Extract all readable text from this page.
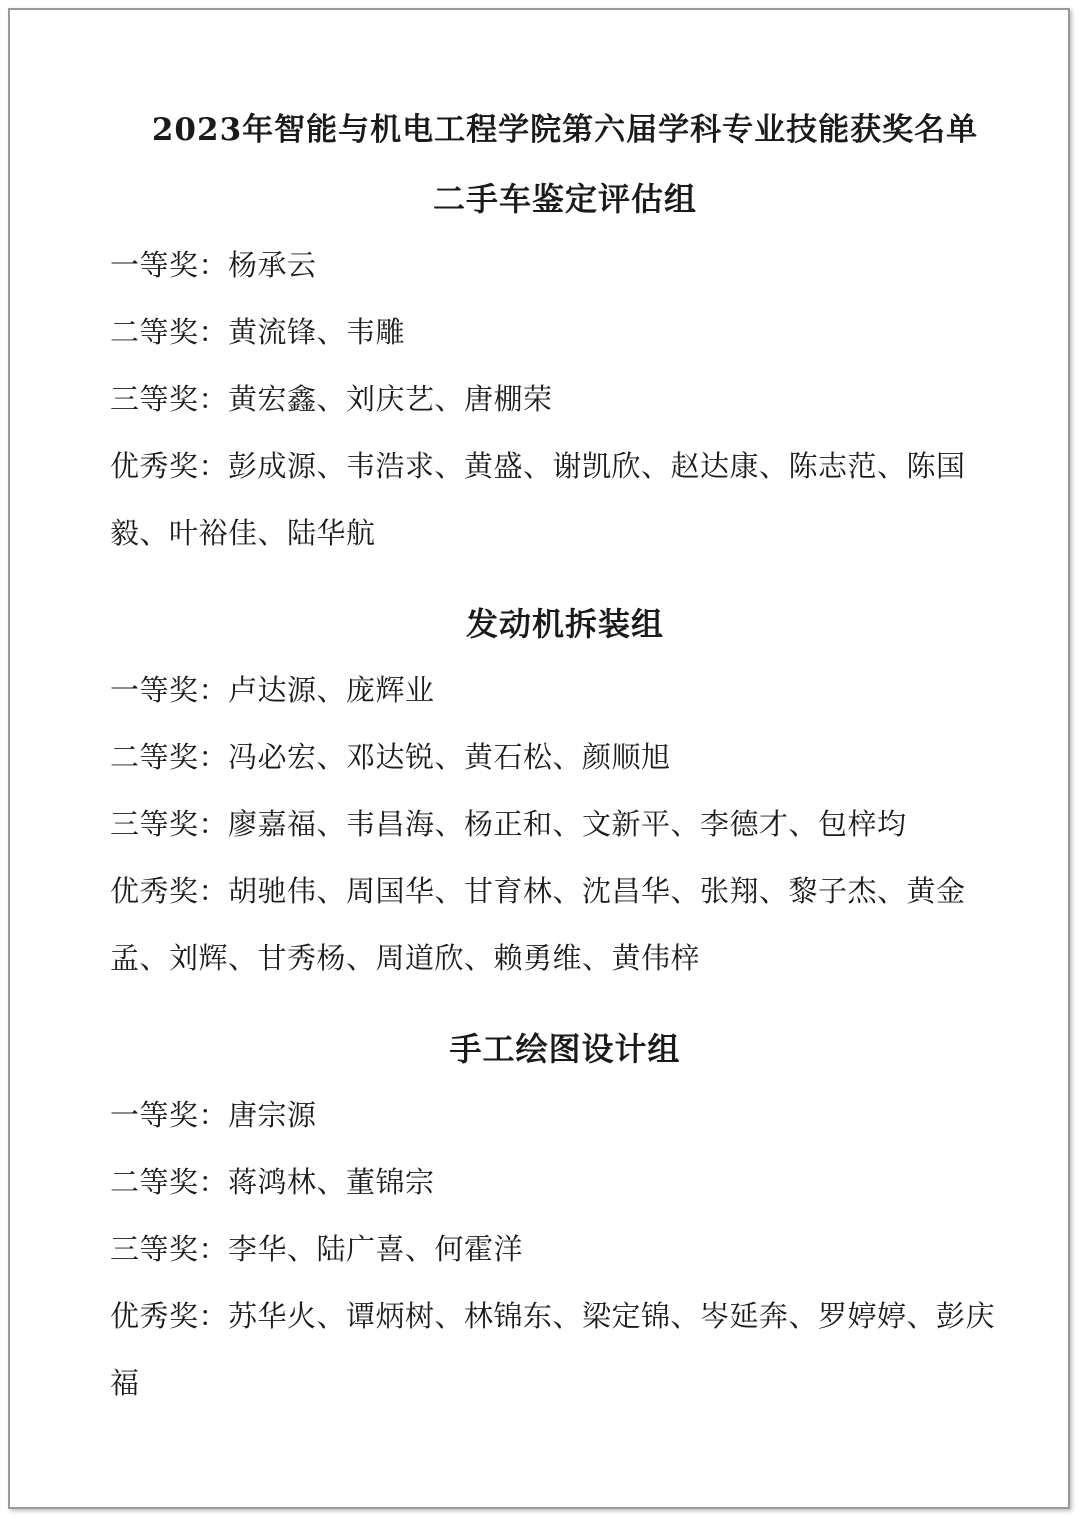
2023年智能与机电工程学院第六届学科专业技能获奖名单
二手车鉴定评估组

一等奖：杨承云

二等奖：黄流锋、韦雕

三等奖：黄宏鑫、刘庆艺、唐棚荣

优秀奖：彭成源、韦浩求、黄盛、谢凯欣、赵达康、陈志范、陈国毅、叶裕佳、陆华航

发动机拆装组

一等奖：卢达源、庞辉业

二等奖：冯必宏、邓达锐、黄石松、颜顺旭

三等奖：廖嘉福、韦昌海、杨正和、文新平、李德才、包梓均

优秀奖：胡驰伟、周国华、甘育林、沈昌华、张翔、黎子杰、黄金孟、刘辉、甘秀杨、周道欣、赖勇维、黄伟梓

手工绘图设计组

一等奖：唐宗源

二等奖：蒋鸿林、董锦宗

三等奖：李华、陆广喜、何霍洋

优秀奖：苏华火、谭炳树、林锦东、梁定锦、岑延奔、罗婷婷、彭庆福
